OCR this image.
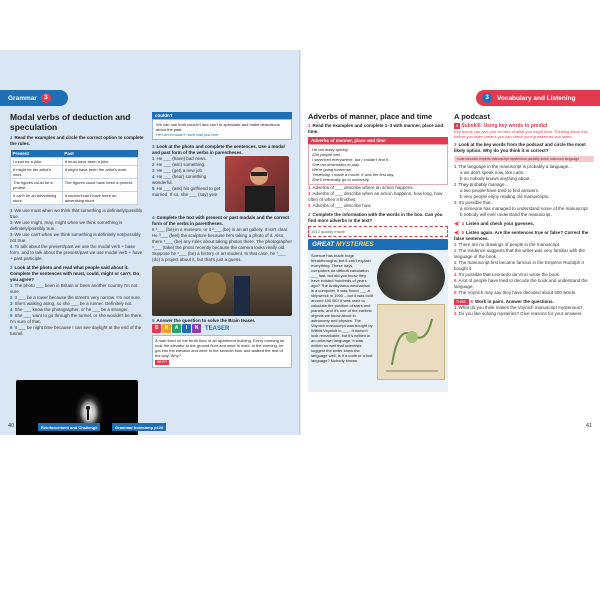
Grammar	3
Modal verbs of deduction and speculation
1 Read the examples and circle the correct option to complete the rules.
Present	Past
I must be a joke.	It must have been a joke.
It might be the artist's work.	It might have been the artist's work.
The figures could be a protest.	The figures could have been a protest.
It can't be an advertising stunt.	It couldn't/can't have been an advertising stunt.
1 We use must when we think that something is definitely/possibly true.
2 We use might, may, might when we think something is definitely/possibly true.
3 We use can't when we think something is definitely not/possibly not true.
4 To talk about the present/past we use the modal verb + base form, and to talk about the present/past we use modal verb + have + past participle.
2 Look at the photo and read what people said about it. Complete the sentences with must, could, might or can't. Do you agree?
1 The photo ___ been in Britain or been another country I'm not sure.
2 It ___ be a tower because the street's very narrow. I'm not sure.
3 She's walking along, so she ___ be a runner. Definitely not.
4 She ___ know the photographer, or he ___ be a stranger.
5 She ___ want to go through the tunnel, or she wouldn't be there. I'm sure of that.
6 It ___ be night time because I can see daylight at the end of the tunnel.
couldn't
We can use both couldn't and can't to speculate and make deductions about the past.
He can't/couldn't have had just one.
3 Look at the photo and complete the sentences. Use a modal and past form of the verbs in parentheses.
1 He ___ (have) bad news.
2 He ___ (win) something.
3 He ___ (get) a new job.
4 He ___ (hear) something wonderful.
5 He ___ (ask) his girlfriend to get married. If so, she ___ (say) yes!
4 Complete the text with present or past modals and the correct form of the verbs in parentheses.
It ¹___ (be) in a museum, or it ²___ (be) in an art gallery. It isn't clear. He ³___ (feel) the sculpture because he's taking a photo of it. Also, there ⁴___ (be) any rules about taking photos there. The photographer ⁵___ (take) the photo recently because the camera looks really old. Suppose he ⁶___ (be) a history or art student. In that case, he ⁷___ (do) a project about it, but that's just a guess.
5 Answer the question to solve the Brain teaser.
B	R	A	I	N	TEASER
A man lived on the tenth floor of an apartment building. Every morning he took the elevator to the ground floor and went to work. In the evening, he got into the elevator and went to the seventh floor and walked the rest of the way. Why?
WHY?
40	Reinforcement and Challenge	Grammar bootcamp p120
3	Vocabulary and Listening
Adverbs of manner, place and time
1 Read the examples and complete 1–3 with manner, place and time.
Adverbs of manner, place and time
He ran away quickly.
She played well.
I searched everywhere, but I couldn't find it.
She ran downstairs to play.
We're going tomorrow.
Yesterday, I made a movie. It was the first day.
She'll eventually go to university.
1 Adverbs of ___ describe where an action happens.
2 Adverbs of ___ describe when an action happens, how long, how often or when it finishes.
3 Adverbs of ___ describe how.
2 Complete the information with the words in the box. Can you find more adverbs in the text?
1912 quickly inside
GREAT MYSTERIES
Science has made huge breakthroughs, but it can't explain everything. These days, computers do difficult calculation ___ fast, but did you know they have existed hundreds of years ago? The Antikythera mechanism is a computer. It was found ___ a shipwreck in 1900 – but it was built around 100 BC! It was used to calculate the position of stars and planets, and it's one of the earliest objects we know about in astronomy and physics. The Voynich manuscript was bought by Wilfrid Voynich in ___. It doesn't look remarkable, but it's written in an unknown language. It was written so well that scientists suggest the writer knew the language well. Is it a code or a lost language? Nobody knows.
A podcast
3 Subskill: Using key words to predict
Key words can give you an idea of what you might hear. Thinking about this before you listen means you can check your guesses as you listen.
3 Look at the key words from the podcast and circle the most likely option. Why do you think it is correct?
code decoder experts manuscript mysterious partially solve unknown language
1 The language in the manuscript is probably a language...
a we don't speak now, like Latin.
b no nobody knows anything about.
2 They probably manage...
a two people have tried to find answers.
b very people enjoy reading old manuscripts.
3 It's possible that...
a someone has managed to understand some of the manuscript.
b nobody will ever understand the manuscript.
◀) 4 Listen and check your guesses.
◀) 5 Listen again. Are the sentences true or false? Correct the false sentences.
1 There are no drawings of people in the manuscript.
2 The evidence suggests that the writer was very familiar with the language of the book.
3 The manuscript first became famous in the Emperor Rudolph II bought it.
4 It's possible that Leonardo da Vinci wrote the book.
5 A lot of people have tried to decode the book and understand the language.
6 The Voynich may say they have decoded about 500 words.
THINK 6 Work in pairs. Answer the questions.
1 What do you think makes the Voynich manuscript mysterious?
2 Do you like solving mysteries? Give reasons for your answers.
41
